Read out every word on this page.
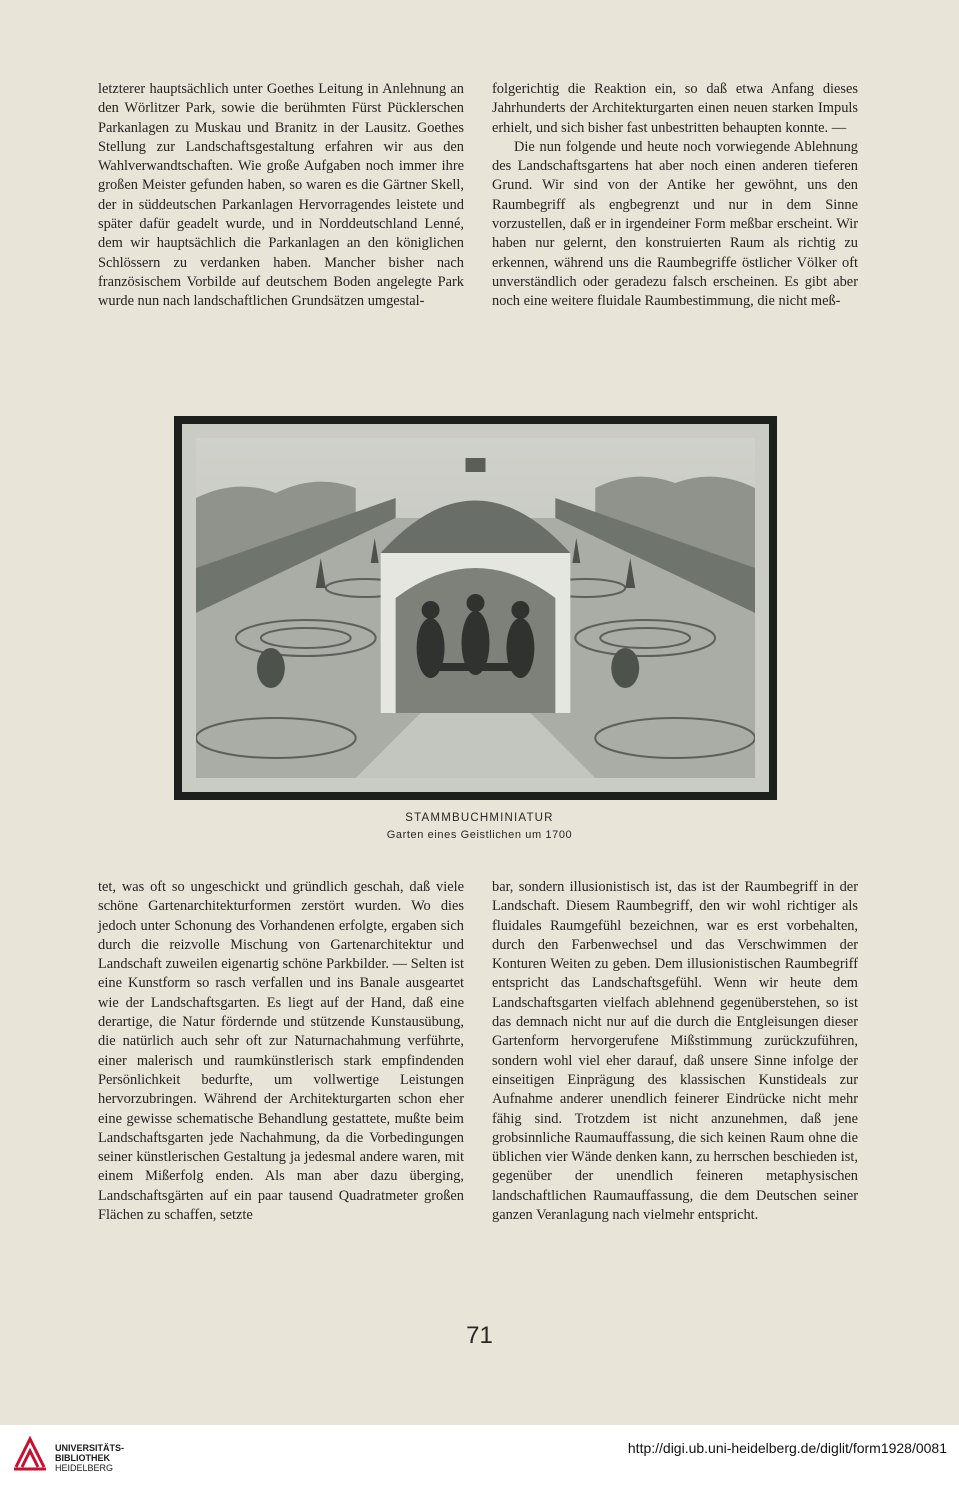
letzterer hauptsächlich unter Goethes Leitung in Anlehnung an den Wörlitzer Park, sowie die berühmten Fürst Pücklerschen Parkanlagen zu Muskau und Branitz in der Lausitz. Goethes Stellung zur Landschaftsgestaltung erfahren wir aus den Wahlverwandtschaften. Wie große Aufgaben noch immer ihre großen Meister gefunden haben, so waren es die Gärtner Skell, der in süddeutschen Parkanlagen Hervorragendes leistete und später dafür geadelt wurde, und in Norddeutschland Lenné, dem wir hauptsächlich die Parkanlagen an den königlichen Schlössern zu verdanken haben. Mancher bisher nach französischem Vorbilde auf deutschem Boden angelegte Park wurde nun nach landschaftlichen Grundsätzen umgestal-

folgerichtig die Reaktion ein, so daß etwa Anfang dieses Jahrhunderts der Architekturgarten einen neuen starken Impuls erhielt, und sich bisher fast unbestritten behaupten konnte. —

Die nun folgende und heute noch vorwiegende Ablehnung des Landschaftsgartens hat aber noch einen anderen tieferen Grund. Wir sind von der Antike her gewöhnt, uns den Raumbegriff als engbegrenzt und nur in dem Sinne vorzustellen, daß er in irgendeiner Form meßbar erscheint. Wir haben nur gelernt, den konstruierten Raum als richtig zu erkennen, während uns die Raumbegriffe östlicher Völker oft unverständlich oder geradezu falsch erscheinen. Es gibt aber noch eine weitere fluidale Raumbestimmung, die nicht meß-

STAMMBUCHMINIATUR
Garten eines Geistlichen um 1700

tet, was oft so ungeschickt und gründlich geschah, daß viele schöne Gartenarchitekturformen zerstört wurden. Wo dies jedoch unter Schonung des Vorhandenen erfolgte, ergaben sich durch die reizvolle Mischung von Gartenarchitektur und Landschaft zuweilen eigenartig schöne Parkbilder. — Selten ist eine Kunstform so rasch verfallen und ins Banale ausgeartet wie der Landschaftsgarten. Es liegt auf der Hand, daß eine derartige, die Natur fördernde und stützende Kunstausübung, die natürlich auch sehr oft zur Naturnachahmung verführte, einer malerisch und raumkünstlerisch stark empfindenden Persönlichkeit bedurfte, um vollwertige Leistungen hervorzubringen. Während der Architekturgarten schon eher eine gewisse schematische Behandlung gestattete, mußte beim Landschaftsgarten jede Nachahmung, da die Vorbedingungen seiner künstlerischen Gestaltung ja jedesmal andere waren, mit einem Mißerfolg enden. Als man aber dazu überging, Landschaftsgärten auf ein paar tausend Quadratmeter großen Flächen zu schaffen, setzte

bar, sondern illusionistisch ist, das ist der Raumbegriff in der Landschaft. Diesem Raumbegriff, den wir wohl richtiger als fluidales Raumgefühl bezeichnen, war es erst vorbehalten, durch den Farbenwechsel und das Verschwimmen der Konturen Weiten zu geben. Dem illusionistischen Raumbegriff entspricht das Landschaftsgefühl. Wenn wir heute dem Landschaftsgarten vielfach ablehnend gegenüberstehen, so ist das demnach nicht nur auf die durch die Entgleisungen dieser Gartenform hervorgerufene Mißstimmung zurückzuführen, sondern wohl viel eher darauf, daß unsere Sinne infolge der einseitigen Einprägung des klassischen Kunstideals zur Aufnahme anderer unendlich feinerer Eindrücke nicht mehr fähig sind. Trotzdem ist nicht anzunehmen, daß jene grobsinnliche Raumauffassung, die sich keinen Raum ohne die üblichen vier Wände denken kann, zu herrschen beschieden ist, gegenüber der unendlich feineren metaphysischen landschaftlichen Raumauffassung, die dem Deutschen seiner ganzen Veranlagung nach vielmehr entspricht.

71
UNIVERSITÄTS-
BIBLIOTHEK
HEIDELBERG
http://digi.ub.uni-heidelberg.de/diglit/form1928/0081
